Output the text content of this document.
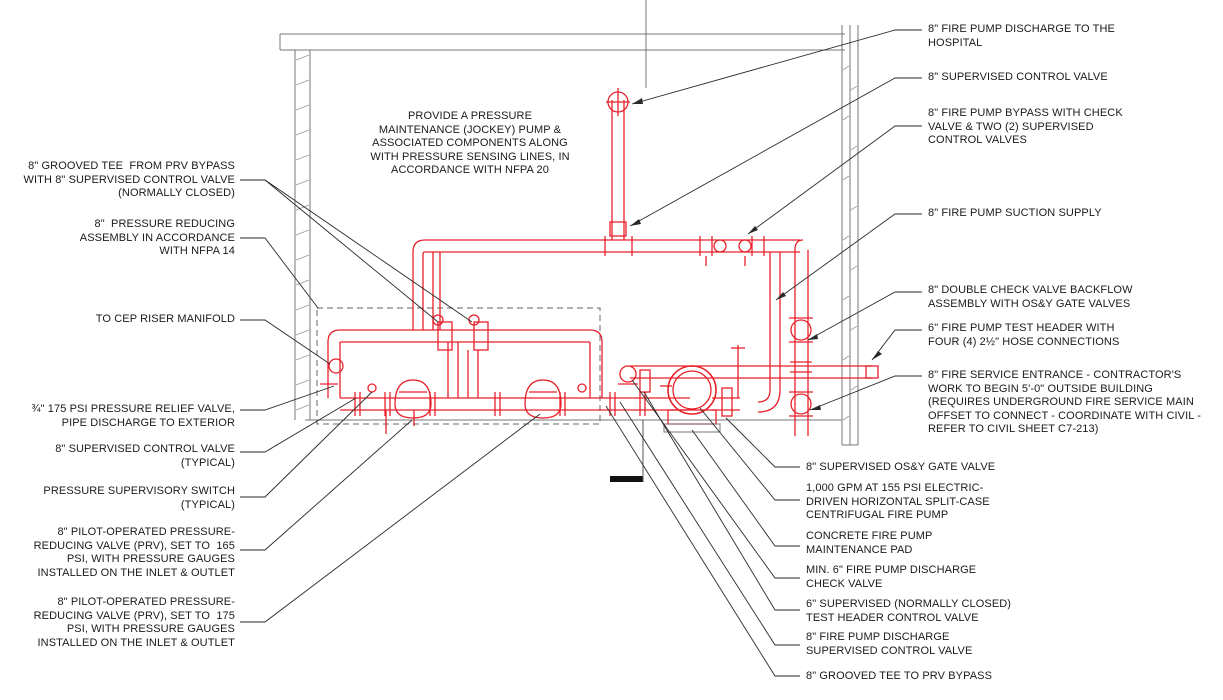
PROVIDE A PRESSURE
MAINTENANCE (JOCKEY) PUMP &
ASSOCIATED COMPONENTS ALONG
WITH PRESSURE SENSING LINES, IN
ACCORDANCE WITH NFPA 20
8" GROOVED TEE  FROM PRV BYPASS
WITH 8" SUPERVISED CONTROL VALVE
(NORMALLY CLOSED)
8"  PRESSURE REDUCING
ASSEMBLY IN ACCORDANCE
WITH NFPA 14
TO CEP RISER MANIFOLD
¾" 175 PSI PRESSURE RELIEF VALVE,
PIPE DISCHARGE TO EXTERIOR
8" SUPERVISED CONTROL VALVE
(TYPICAL)
PRESSURE SUPERVISORY SWITCH
(TYPICAL)
8" PILOT-OPERATED PRESSURE-
REDUCING VALVE (PRV), SET TO  165
PSI, WITH PRESSURE GAUGES
INSTALLED ON THE INLET & OUTLET
8" PILOT-OPERATED PRESSURE-
REDUCING VALVE (PRV), SET TO  175
PSI, WITH PRESSURE GAUGES
INSTALLED ON THE INLET & OUTLET
8" FIRE PUMP DISCHARGE TO THE
HOSPITAL
8" SUPERVISED CONTROL VALVE
8" FIRE PUMP BYPASS WITH CHECK
VALVE & TWO (2) SUPERVISED
CONTROL VALVES
8" FIRE PUMP SUCTION SUPPLY
8" DOUBLE CHECK VALVE BACKFLOW
ASSEMBLY WITH OS&Y GATE VALVES
6" FIRE PUMP TEST HEADER WITH
FOUR (4) 2½" HOSE CONNECTIONS
8" FIRE SERVICE ENTRANCE - CONTRACTOR'S
WORK TO BEGIN 5'-0" OUTSIDE BUILDING
(REQUIRES UNDERGROUND FIRE SERVICE MAIN
OFFSET TO CONNECT - COORDINATE WITH CIVIL -
REFER TO CIVIL SHEET C7-213)
8" SUPERVISED OS&Y GATE VALVE
1,000 GPM AT 155 PSI ELECTRIC-
DRIVEN HORIZONTAL SPLIT-CASE
CENTRIFUGAL FIRE PUMP
CONCRETE FIRE PUMP
MAINTENANCE PAD
MIN. 6" FIRE PUMP DISCHARGE
CHECK VALVE
6" SUPERVISED (NORMALLY CLOSED)
TEST HEADER CONTROL VALVE
8" FIRE PUMP DISCHARGE
SUPERVISED CONTROL VALVE
8" GROOVED TEE TO PRV BYPASS
